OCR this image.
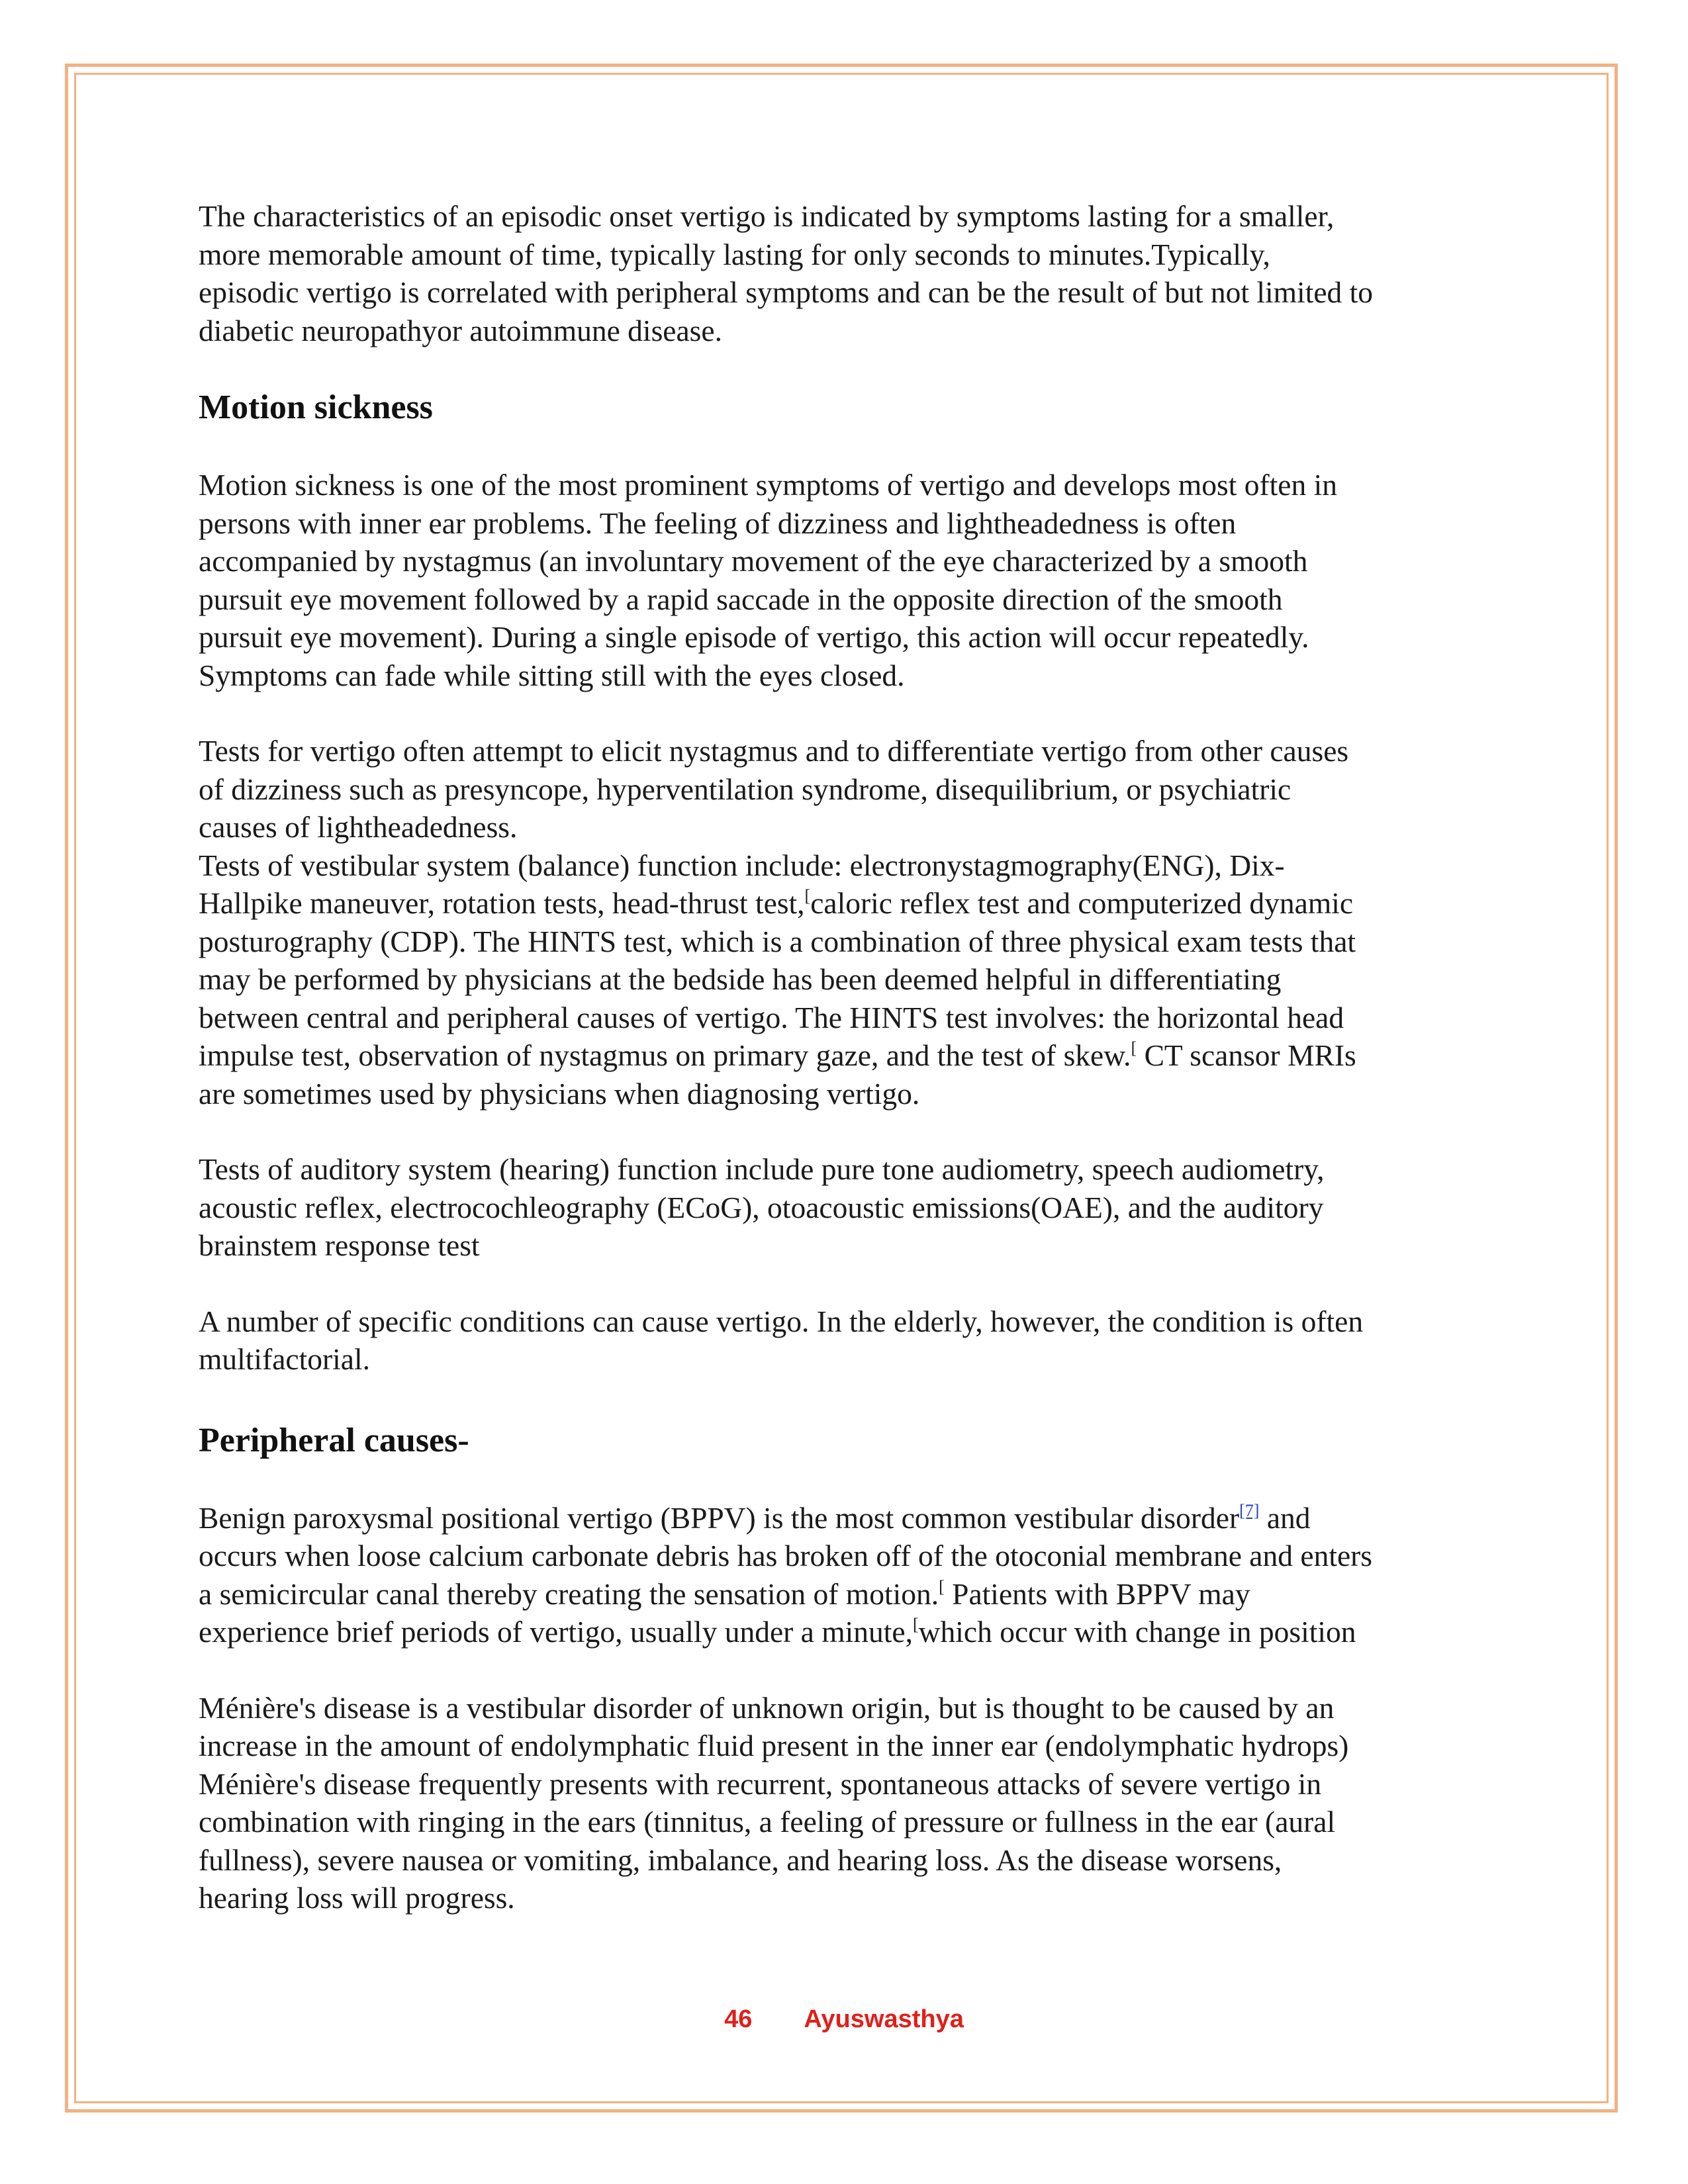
The characteristics of an episodic onset vertigo is indicated by symptoms lasting for a smaller,
more memorable amount of time, typically lasting for only seconds to minutes.Typically,
episodic vertigo is correlated with peripheral symptoms and can be the result of but not limited to
diabetic neuropathyor autoimmune disease.

Motion sickness

Motion sickness is one of the most prominent symptoms of vertigo and develops most often in
persons with inner ear problems. The feeling of dizziness and lightheadedness is often
accompanied by nystagmus (an involuntary movement of the eye characterized by a smooth
pursuit eye movement followed by a rapid saccade in the opposite direction of the smooth
pursuit eye movement). During a single episode of vertigo, this action will occur repeatedly.
Symptoms can fade while sitting still with the eyes closed.

Tests for vertigo often attempt to elicit nystagmus and to differentiate vertigo from other causes
of dizziness such as presyncope, hyperventilation syndrome, disequilibrium, or psychiatric
causes of lightheadedness.

Tests of vestibular system (balance) function include: electronystagmography(ENG), Dix-
Hallpike maneuver, rotation tests, head-thrust test,[caloric reflex test and computerized dynamic
posturography (CDP). The HINTS test, which is a combination of three physical exam tests that
may be performed by physicians at the bedside has been deemed helpful in differentiating
between central and peripheral causes of vertigo. The HINTS test involves: the horizontal head
impulse test, observation of nystagmus on primary gaze, and the test of skew.[ CT scansor MRIs
are sometimes used by physicians when diagnosing vertigo.

Tests of auditory system (hearing) function include pure tone audiometry, speech audiometry,
acoustic reflex, electrocochleography (ECoG), otoacoustic emissions(OAE), and the auditory
brainstem response test

A number of specific conditions can cause vertigo. In the elderly, however, the condition is often
multifactorial.

Peripheral causes-

Benign paroxysmal positional vertigo (BPPV) is the most common vestibular disorder[7] and
occurs when loose calcium carbonate debris has broken off of the otoconial membrane and enters
a semicircular canal thereby creating the sensation of motion.[ Patients with BPPV may
experience brief periods of vertigo, usually under a minute,[which occur with change in position

Ménière's disease is a vestibular disorder of unknown origin, but is thought to be caused by an
increase in the amount of endolymphatic fluid present in the inner ear (endolymphatic hydrops)
Ménière's disease frequently presents with recurrent, spontaneous attacks of severe vertigo in
combination with ringing in the ears (tinnitus, a feeling of pressure or fullness in the ear (aural
fullness), severe nausea or vomiting, imbalance, and hearing loss. As the disease worsens,
hearing loss will progress.

46 Ayuswasthya
